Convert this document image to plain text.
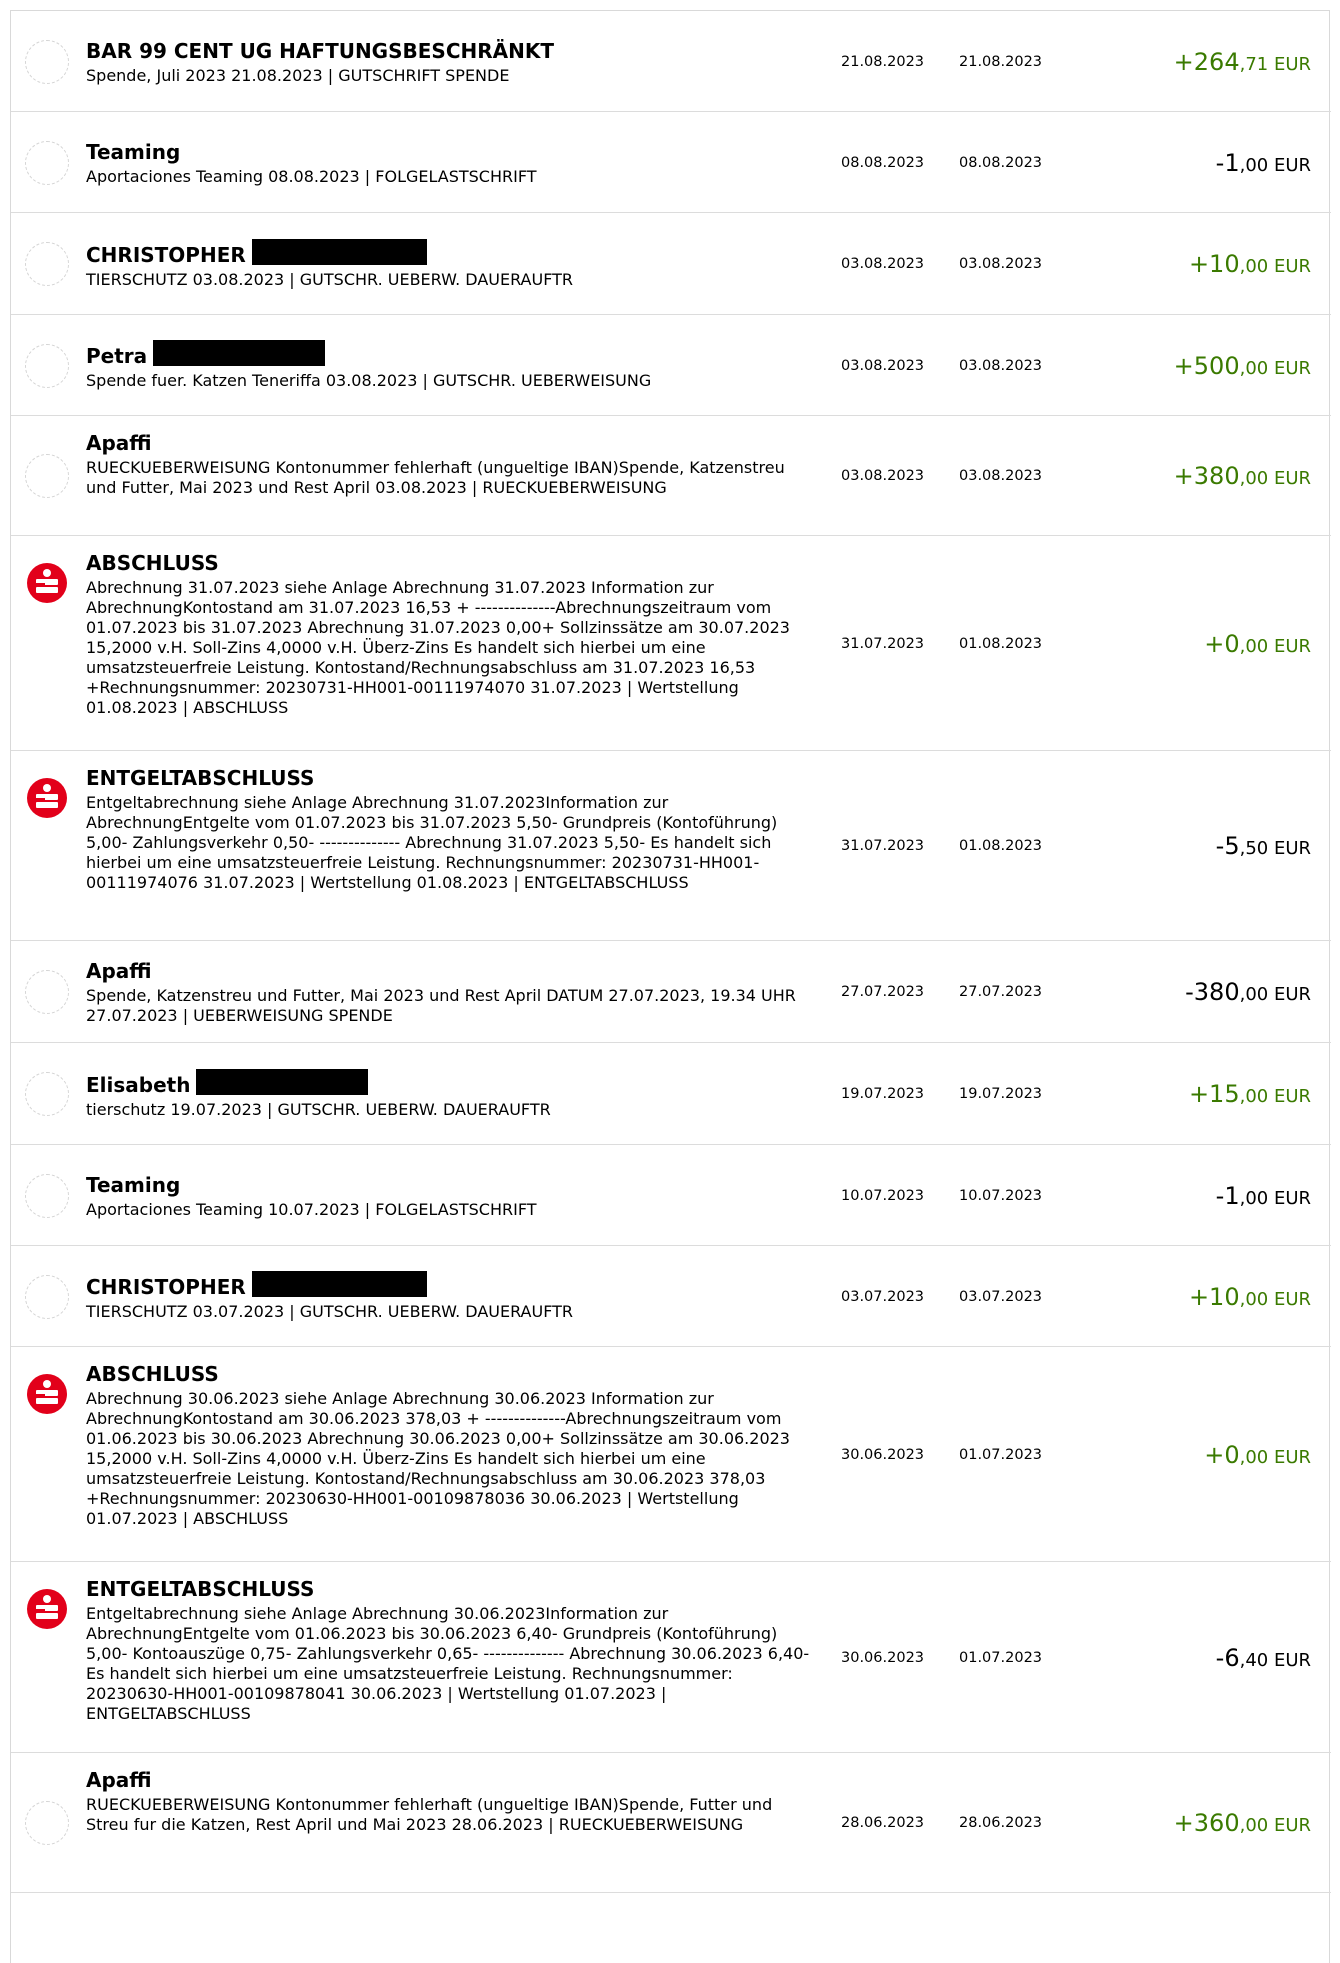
BAR 99 CENT UG HAFTUNGSBESCHRÄNKT
Spende, Juli 2023 21.08.2023 | GUTSCHRIFT SPENDE
21.08.2023	21.08.2023	+264,71 EUR
Teaming
Aportaciones Teaming 08.08.2023 | FOLGELASTSCHRIFT
08.08.2023	08.08.2023	-1,00 EUR
CHRISTOPHER
TIERSCHUTZ 03.08.2023 | GUTSCHR. UEBERW. DAUERAUFTR
03.08.2023	03.08.2023	+10,00 EUR
Petra
Spende fuer. Katzen Teneriffa 03.08.2023 | GUTSCHR. UEBERWEISUNG
03.08.2023	03.08.2023	+500,00 EUR
Apaffi
RUECKUEBERWEISUNG Kontonummer fehlerhaft (ungueltige IBAN)Spende, Katzenstreu und Futter, Mai 2023 und Rest April 03.08.2023 | RUECKUEBERWEISUNG
03.08.2023	03.08.2023	+380,00 EUR
ABSCHLUSS
Abrechnung 31.07.2023 siehe Anlage Abrechnung 31.07.2023 Information zur AbrechnungKontostand am 31.07.2023 16,53 + --------------Abrechnungszeitraum vom 01.07.2023 bis 31.07.2023 Abrechnung 31.07.2023 0,00+ Sollzinssätze am 30.07.2023 15,2000 v.H. Soll-Zins 4,0000 v.H. Überz-Zins Es handelt sich hierbei um eine umsatzsteuerfreie Leistung. Kontostand/Rechnungsabschluss am 31.07.2023 16,53 +Rechnungsnummer: 20230731-HH001-00111974070 31.07.2023 | Wertstellung 01.08.2023 | ABSCHLUSS
31.07.2023	01.08.2023	+0,00 EUR
ENTGELTABSCHLUSS
Entgeltabrechnung siehe Anlage Abrechnung 31.07.2023Information zur AbrechnungEntgelte vom 01.07.2023 bis 31.07.2023 5,50- Grundpreis (Kontoführung) 5,00- Zahlungsverkehr 0,50- -------------- Abrechnung 31.07.2023 5,50- Es handelt sich hierbei um eine umsatzsteuerfreie Leistung. Rechnungsnummer: 20230731-HH001-00111974076 31.07.2023 | Wertstellung 01.08.2023 | ENTGELTABSCHLUSS
31.07.2023	01.08.2023	-5,50 EUR
Apaffi
Spende, Katzenstreu und Futter, Mai 2023 und Rest April DATUM 27.07.2023, 19.34 UHR 27.07.2023 | UEBERWEISUNG SPENDE
27.07.2023	27.07.2023	-380,00 EUR
Elisabeth
tierschutz 19.07.2023 | GUTSCHR. UEBERW. DAUERAUFTR
19.07.2023	19.07.2023	+15,00 EUR
Teaming
Aportaciones Teaming 10.07.2023 | FOLGELASTSCHRIFT
10.07.2023	10.07.2023	-1,00 EUR
CHRISTOPHER
TIERSCHUTZ 03.07.2023 | GUTSCHR. UEBERW. DAUERAUFTR
03.07.2023	03.07.2023	+10,00 EUR
ABSCHLUSS
Abrechnung 30.06.2023 siehe Anlage Abrechnung 30.06.2023 Information zur AbrechnungKontostand am 30.06.2023 378,03 + --------------Abrechnungszeitraum vom 01.06.2023 bis 30.06.2023 Abrechnung 30.06.2023 0,00+ Sollzinssätze am 30.06.2023 15,2000 v.H. Soll-Zins 4,0000 v.H. Überz-Zins Es handelt sich hierbei um eine umsatzsteuerfreie Leistung. Kontostand/Rechnungsabschluss am 30.06.2023 378,03 +Rechnungsnummer: 20230630-HH001-00109878036 30.06.2023 | Wertstellung 01.07.2023 | ABSCHLUSS
30.06.2023	01.07.2023	+0,00 EUR
ENTGELTABSCHLUSS
Entgeltabrechnung siehe Anlage Abrechnung 30.06.2023Information zur AbrechnungEntgelte vom 01.06.2023 bis 30.06.2023 6,40- Grundpreis (Kontoführung) 5,00- Kontoauszüge 0,75- Zahlungsverkehr 0,65- -------------- Abrechnung 30.06.2023 6,40- Es handelt sich hierbei um eine umsatzsteuerfreie Leistung. Rechnungsnummer: 20230630-HH001-00109878041 30.06.2023 | Wertstellung 01.07.2023 | ENTGELTABSCHLUSS
30.06.2023	01.07.2023	-6,40 EUR
Apaffi
RUECKUEBERWEISUNG Kontonummer fehlerhaft (ungueltige IBAN)Spende, Futter und Streu fur die Katzen, Rest April und Mai 2023 28.06.2023 | RUECKUEBERWEISUNG	28.06.2023	28.06.2023	+360,00 EUR
